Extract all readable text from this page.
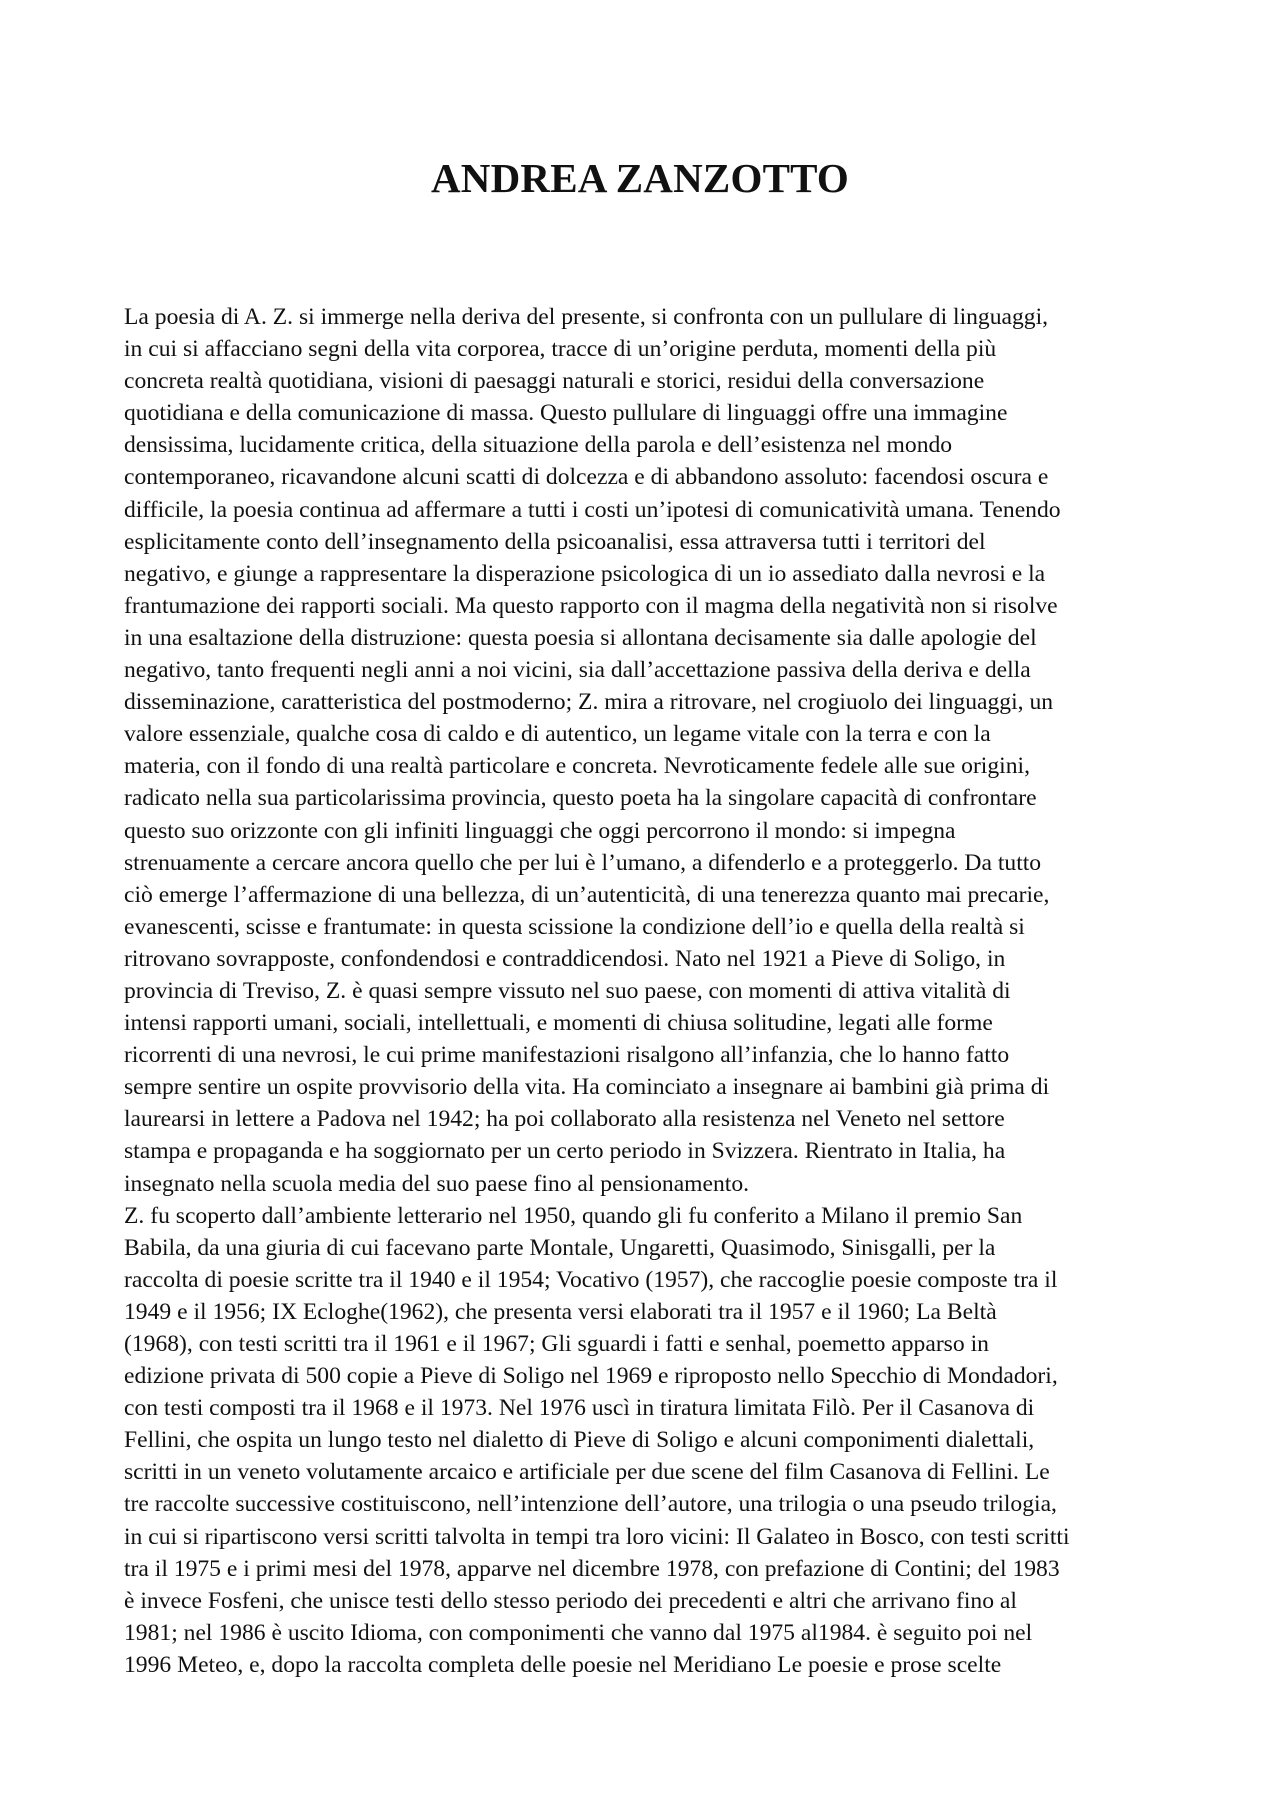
ANDREA ZANZOTTO
La poesia di A. Z. si immerge nella deriva del presente, si confronta con un pullulare di linguaggi,
in cui si affacciano segni della vita corporea, tracce di un’origine perduta, momenti della più
concreta realtà quotidiana, visioni di paesaggi naturali e storici, residui della conversazione
quotidiana e della comunicazione di massa. Questo pullulare di linguaggi offre una immagine
densissima, lucidamente critica, della situazione della parola e dell’esistenza nel mondo
contemporaneo, ricavandone alcuni scatti di dolcezza e di abbandono assoluto: facendosi oscura e
difficile, la poesia continua ad affermare a tutti i costi un’ipotesi di comunicatività umana. Tenendo
esplicitamente conto dell’insegnamento della psicoanalisi, essa attraversa tutti i territori del
negativo, e giunge a rappresentare la disperazione psicologica di un io assediato dalla nevrosi e la
frantumazione dei rapporti sociali. Ma questo rapporto con il magma della negatività non si risolve
in una esaltazione della distruzione: questa poesia si allontana decisamente sia dalle apologie del
negativo, tanto frequenti negli anni a noi vicini, sia dall’accettazione passiva della deriva e della
disseminazione, caratteristica del postmoderno; Z. mira a ritrovare, nel crogiuolo dei linguaggi, un
valore essenziale, qualche cosa di caldo e di autentico, un legame vitale con la terra e con la
materia, con il fondo di una realtà particolare e concreta. Nevroticamente fedele alle sue origini,
radicato nella sua particolarissima provincia, questo poeta ha la singolare capacità di confrontare
questo suo orizzonte con gli infiniti linguaggi che oggi percorrono il mondo: si impegna
strenuamente a cercare ancora quello che per lui è l’umano, a difenderlo e a proteggerlo. Da tutto
ciò emerge l’affermazione di una bellezza, di un’autenticità, di una tenerezza quanto mai precarie,
evanescenti, scisse e frantumate: in questa scissione la condizione dell’io e quella della realtà si
ritrovano sovrapposte, confondendosi e contraddicendosi. Nato nel 1921 a Pieve di Soligo, in
provincia di Treviso, Z. è quasi sempre vissuto nel suo paese, con momenti di attiva vitalità di
intensi rapporti umani, sociali, intellettuali, e momenti di chiusa solitudine, legati alle forme
ricorrenti di una nevrosi, le cui prime manifestazioni risalgono all’infanzia, che lo hanno fatto
sempre sentire un ospite provvisorio della vita. Ha cominciato a insegnare ai bambini già prima di
laurearsi in lettere a Padova nel 1942; ha poi collaborato alla resistenza nel Veneto nel settore
stampa e propaganda e ha soggiornato per un certo periodo in Svizzera. Rientrato in Italia, ha
insegnato nella scuola media del suo paese fino al pensionamento.
Z. fu scoperto dall’ambiente letterario nel 1950, quando gli fu conferito a Milano il premio San
Babila, da una giuria di cui facevano parte Montale, Ungaretti, Quasimodo, Sinisgalli, per la
raccolta di poesie scritte tra il 1940 e il 1954; Vocativo (1957), che raccoglie poesie composte tra il
1949 e il 1956; IX Ecloghe(1962), che presenta versi elaborati tra il 1957 e il 1960; La Beltà
(1968), con testi scritti tra il 1961 e il 1967; Gli sguardi i fatti e senhal, poemetto apparso in
edizione privata di 500 copie a Pieve di Soligo nel 1969 e riproposto nello Specchio di Mondadori,
con testi composti tra il 1968 e il 1973. Nel 1976 uscì in tiratura limitata Filò. Per il Casanova di
Fellini, che ospita un lungo testo nel dialetto di Pieve di Soligo e alcuni componimenti dialettali,
scritti in un veneto volutamente arcaico e artificiale per due scene del film Casanova di Fellini. Le
tre raccolte successive costituiscono, nell’intenzione dell’autore, una trilogia o una pseudo trilogia,
in cui si ripartiscono versi scritti talvolta in tempi tra loro vicini: Il Galateo in Bosco, con testi scritti
tra il 1975 e i primi mesi del 1978, apparve nel dicembre 1978, con prefazione di Contini; del 1983
è invece Fosfeni, che unisce testi dello stesso periodo dei precedenti e altri che arrivano fino al
1981; nel 1986 è uscito Idioma, con componimenti che vanno dal 1975 al1984. è seguito poi nel
1996 Meteo, e, dopo la raccolta completa delle poesie nel Meridiano Le poesie e prose scelte
